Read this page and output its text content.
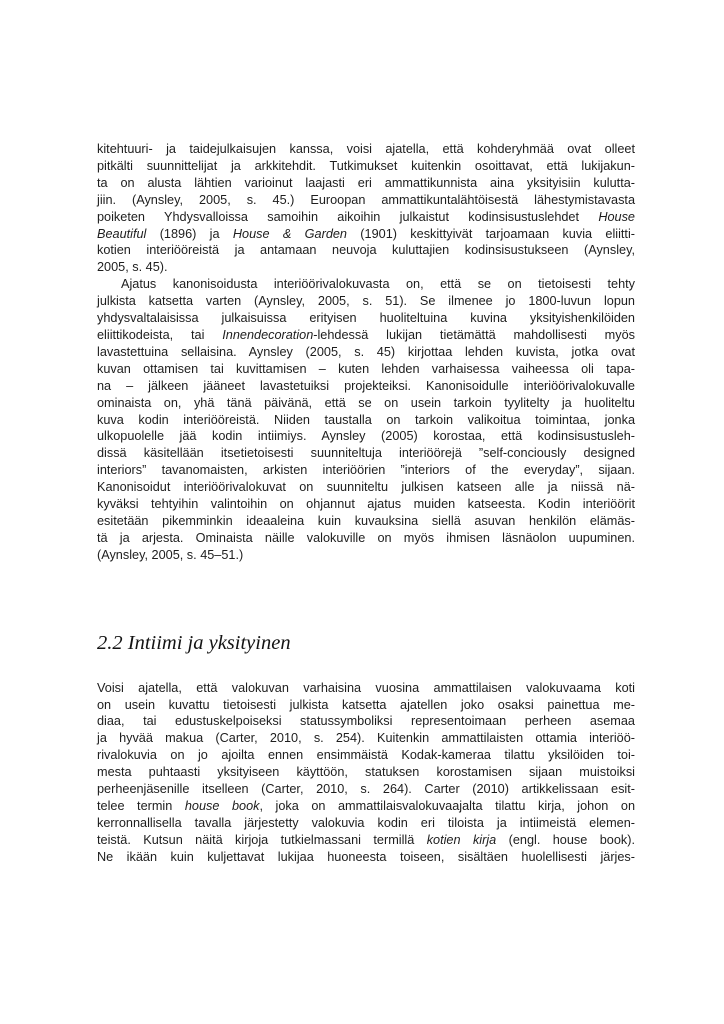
kitehtuuri- ja taidejulkaisujen kanssa, voisi ajatella, että kohderyhmää ovat olleet
pitkälti suunnittelijat ja arkkitehdit. Tutkimukset kuitenkin osoittavat, että lukijakun-
ta on alusta lähtien varioinut laajasti eri ammattikunnista aina yksityisiin kulutta-
jiin. (Aynsley, 2005, s. 45.) Euroopan ammattikuntalähtöisestä lähestymistavasta
poiketen Yhdysvalloissa samoihin aikoihin julkaistut kodinsisustuslehdet House
Beautiful (1896) ja House & Garden (1901) keskittyivät tarjoamaan kuvia eliitti-
kotien interiööreistä ja antamaan neuvoja kuluttajien kodinsisustukseen (Aynsley,
2005, s. 45).
Ajatus kanonisoidusta interiöörivalokuvasta on, että se on tietoisesti tehty
julkista katsetta varten (Aynsley, 2005, s. 51). Se ilmenee jo 1800-luvun lopun
yhdysvaltalaisissa julkaisuissa erityisen huoliteltuina kuvina yksityishenkilöiden
eliittikodeista, tai Innendecoration-lehdessä lukijan tietämättä mahdollisesti myös
lavastettuina sellaisina. Aynsley (2005, s. 45) kirjottaa lehden kuvista, jotka ovat
kuvan ottamisen tai kuvittamisen – kuten lehden varhaisessa vaiheessa oli tapa-
na – jälkeen jääneet lavastetuiksi projekteiksi. Kanonisoidulle interiöörivalokuvalle
ominaista on, yhä tänä päivänä, että se on usein tarkoin tyylitelty ja huoliteltu
kuva kodin interiööreistä. Niiden taustalla on tarkoin valikoitua toimintaa, jonka
ulkopuolelle jää kodin intiimiys. Aynsley (2005) korostaa, että kodinsisustusleh-
dissä käsitellään itsetietoisesti suunniteltuja interiöörejä ”self-conciously designed
interiors” tavanomaisten, arkisten interiöörien ”interiors of the everyday”, sijaan.
Kanonisoidut interiöörivalokuvat on suunniteltu julkisen katseen alle ja niissä nä-
kyväksi tehtyihin valintoihin on ohjannut ajatus muiden katseesta. Kodin interiöörit
esitetään pikemminkin ideaaleina kuin kuvauksina siellä asuvan henkilön elämäs-
tä ja arjesta. Ominaista näille valokuville on myös ihmisen läsnäolon uupuminen.
(Aynsley, 2005, s. 45–51.)
2.2 Intiimi ja yksityinen
Voisi ajatella, että valokuvan varhaisina vuosina ammattilaisen valokuvaama koti
on usein kuvattu tietoisesti julkista katsetta ajatellen joko osaksi painettua me-
diaa, tai edustuskelpoiseksi statussymboliksi representoimaan perheen asemaa
ja hyvää makua (Carter, 2010, s. 254). Kuitenkin ammattilaisten ottamia interiöö-
rivalokuvia on jo ajoilta ennen ensimmäistä Kodak-kameraa tilattu yksilöiden toi-
mesta puhtaasti yksityiseen käyttöön, statuksen korostamisen sijaan muistoiksi
perheenjäsenille itselleen (Carter, 2010, s. 264). Carter (2010) artikkelissaan esit-
telee termin house book, joka on ammattilaisvalokuvaajalta tilattu kirja, johon on
kerronnallisella tavalla järjestetty valokuvia kodin eri tiloista ja intiimeistä elemen-
teistä. Kutsun näitä kirjoja tutkielmassani termillä kotien kirja (engl. house book).
Ne ikään kuin kuljettavat lukijaa huoneesta toiseen, sisältäen huolellisesti järjes-
